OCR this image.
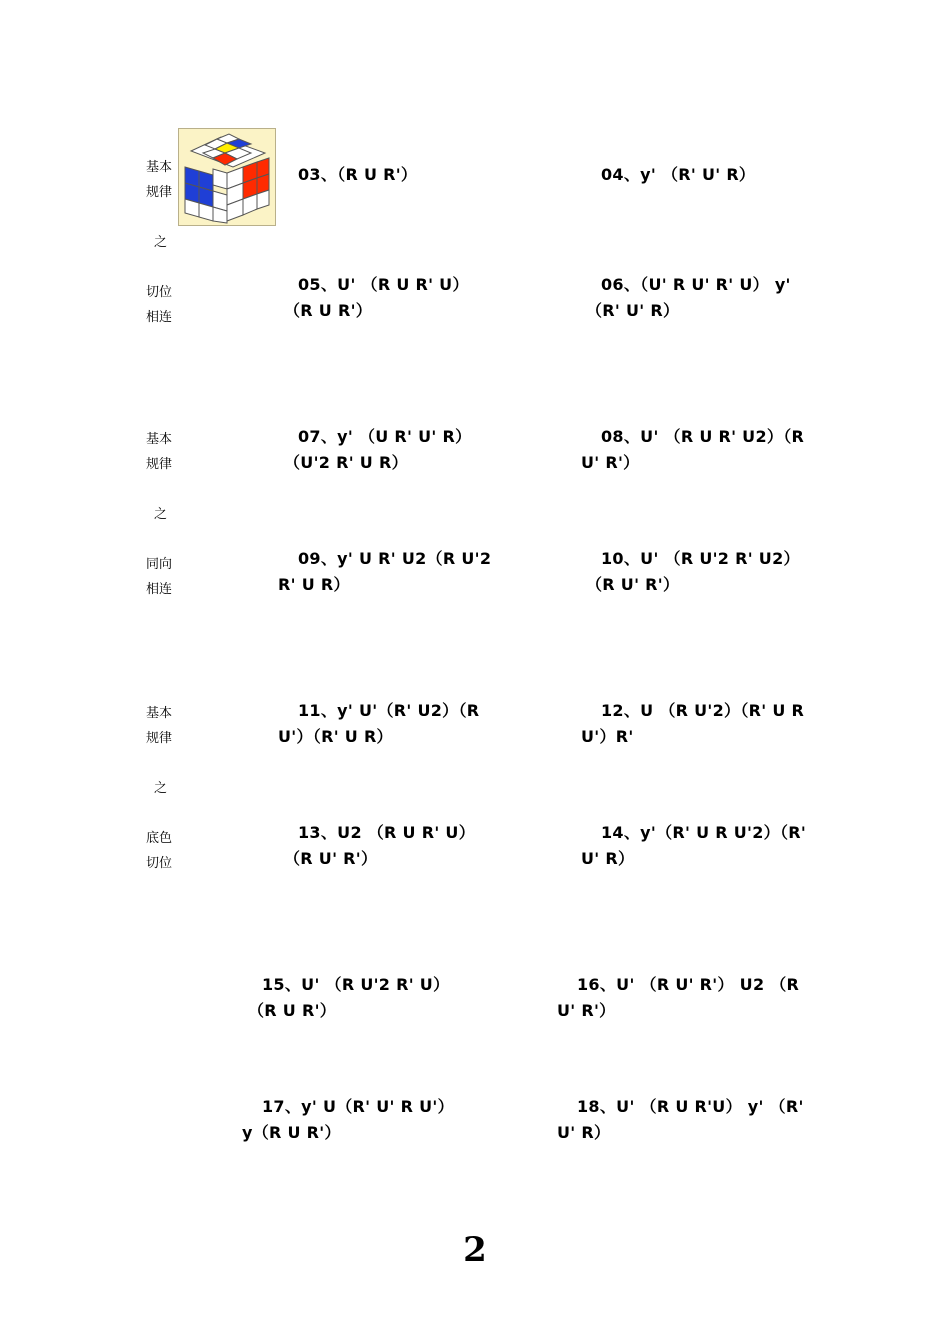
基本
规律
之
切位
相连
基本
规律
之
同向
相连
基本
规律
之
底色
切位
03、（R U R'）	04、y' （R' U' R）
05、U' （R U R' U）
（R U R'）
06、（U' R U' R' U） y'
（R' U' R）
07、y' （U R' U' R）
（U'2 R' U R）
08、U' （R U R' U2）（R
U' R'）
09、y' U R' U2（R U'2
R' U R）
10、U' （R U'2 R' U2）
（R U' R'）
11、y' U'（R' U2）（R
U'）（R' U R）
12、U （R U'2）（R' U R
U'）R'
13、U2 （R U R' U）
（R U' R'）
14、y'（R' U R U'2）（R'
U' R）
15、U' （R U'2 R' U）
（R U R'）
16、U' （R U' R'） U2 （R
U' R'）
17、y' U（R' U' R U'）
y（R U R'）
18、U' （R U R'U） y' （R'
U' R）
2
